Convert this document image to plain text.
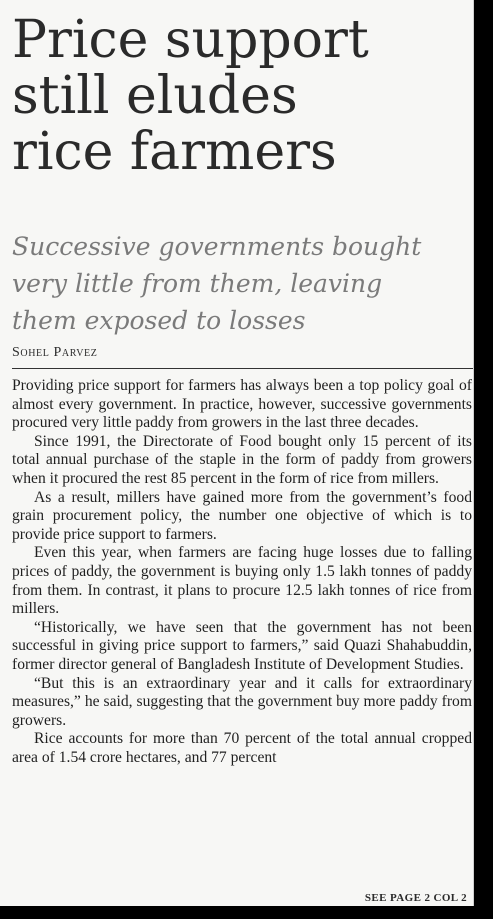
Price support
still eludes
rice farmers
Successive governments bought
very little from them, leaving
them exposed to losses
Sohel Parvez

Providing price support for farmers has always been a top policy goal of almost every government. In practice, however, successive governments procured very little paddy from growers in the last three decades.

Since 1991, the Directorate of Food bought only 15 percent of its total annual purchase of the staple in the form of paddy from growers when it procured the rest 85 percent in the form of rice from millers.

As a result, millers have gained more from the government’s food grain procurement policy, the number one objective of which is to provide price support to farmers.

Even this year, when farmers are facing huge losses due to falling prices of paddy, the government is buying only 1.5 lakh tonnes of paddy from them. In contrast, it plans to procure 12.5 lakh tonnes of rice from millers.

“Historically, we have seen that the government has not been successful in giving price support to farmers,” said Quazi Shahabuddin, former director general of Bangladesh Institute of Development Studies.

“But this is an extraordinary year and it calls for extraordinary measures,” he said, suggesting that the government buy more paddy from growers.

Rice accounts for more than 70 percent of the total annual cropped area of 1.54 crore hectares, and 77 percent

SEE PAGE 2 COL 2
